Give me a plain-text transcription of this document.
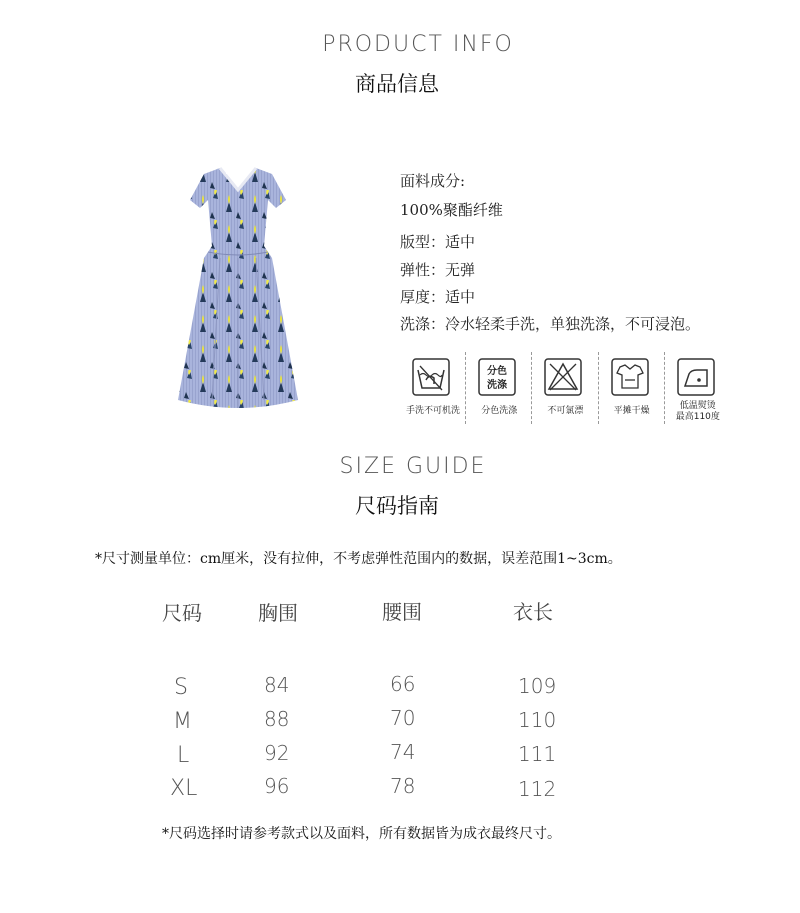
PRODUCT INFO
商品信息
面料成分:
100%聚酯纤维
版型：适中
弹性：无弹
厚度：适中
洗涤：冷水轻柔手洗，单独洗涤，不可浸泡。
手洗不可机洗
分色
洗涤
分色洗涤	不可氯漂	平摊干燥	低温熨烫
最高110度
SIZE GUIDE
尺码指南
*尺寸测量单位：cm厘米，没有拉伸，不考虑弹性范围内的数据，误差范围1~3cm。
尺码	胸围	腰围	衣长
S	84	66	109
M	88	70	110
L	92	74	111
XL	96	78	112
*尺码选择时请参考款式以及面料，所有数据皆为成衣最终尺寸。
